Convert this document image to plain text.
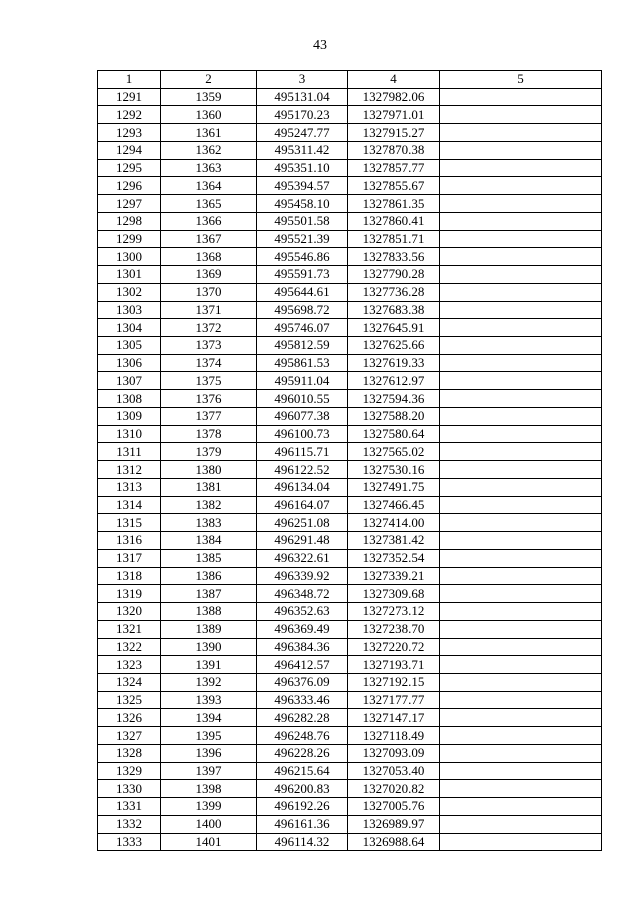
43
1	2	3	4	5
1291	1359	495131.04	1327982.06	
1292	1360	495170.23	1327971.01	
1293	1361	495247.77	1327915.27	
1294	1362	495311.42	1327870.38	
1295	1363	495351.10	1327857.77	
1296	1364	495394.57	1327855.67	
1297	1365	495458.10	1327861.35	
1298	1366	495501.58	1327860.41	
1299	1367	495521.39	1327851.71	
1300	1368	495546.86	1327833.56	
1301	1369	495591.73	1327790.28	
1302	1370	495644.61	1327736.28	
1303	1371	495698.72	1327683.38	
1304	1372	495746.07	1327645.91	
1305	1373	495812.59	1327625.66	
1306	1374	495861.53	1327619.33	
1307	1375	495911.04	1327612.97	
1308	1376	496010.55	1327594.36	
1309	1377	496077.38	1327588.20	
1310	1378	496100.73	1327580.64	
1311	1379	496115.71	1327565.02	
1312	1380	496122.52	1327530.16	
1313	1381	496134.04	1327491.75	
1314	1382	496164.07	1327466.45	
1315	1383	496251.08	1327414.00	
1316	1384	496291.48	1327381.42	
1317	1385	496322.61	1327352.54	
1318	1386	496339.92	1327339.21	
1319	1387	496348.72	1327309.68	
1320	1388	496352.63	1327273.12	
1321	1389	496369.49	1327238.70	
1322	1390	496384.36	1327220.72	
1323	1391	496412.57	1327193.71	
1324	1392	496376.09	1327192.15	
1325	1393	496333.46	1327177.77	
1326	1394	496282.28	1327147.17	
1327	1395	496248.76	1327118.49	
1328	1396	496228.26	1327093.09	
1329	1397	496215.64	1327053.40	
1330	1398	496200.83	1327020.82	
1331	1399	496192.26	1327005.76	
1332	1400	496161.36	1326989.97	
1333	1401	496114.32	1326988.64	
